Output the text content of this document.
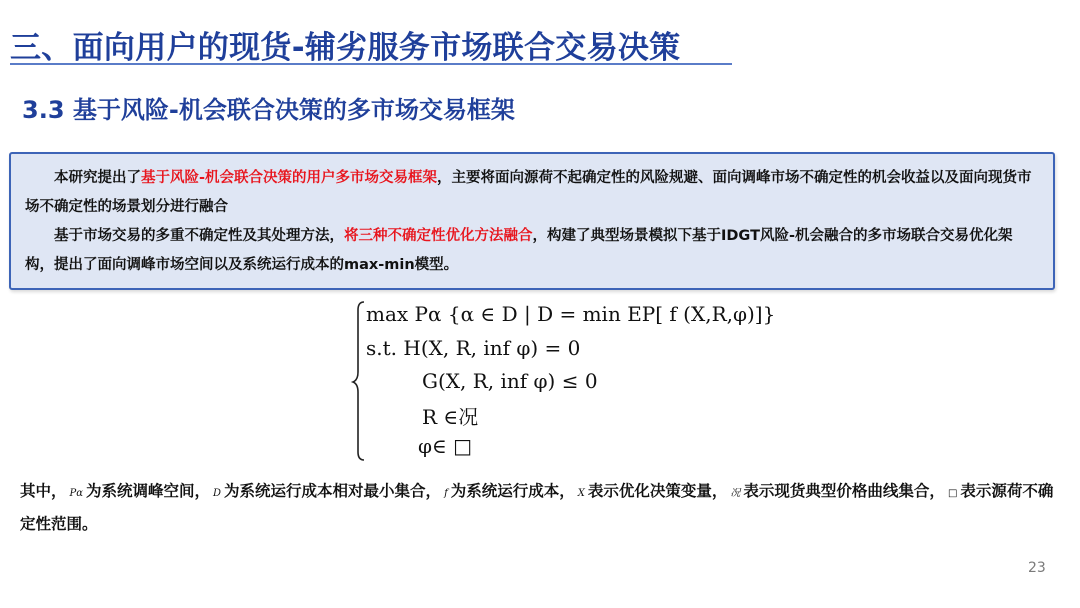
三、面向用户的现货-辅劣服务市场联合交易决策
3.3 基于风险-机会联合决策的多市场交易框架

本研究提出了基于风险-机会联合决策的用户多市场交易框架，主要将面向源荷不起确定性的风险规避、面向调峰市场不确定性的机会收益以及面向现货市场不确定性的场景划分进行融合

基于市场交易的多重不确定性及其处理方法，将三种不确定性优化方法融合，构建了典型场景模拟下基于IDGT风险-机会融合的多市场联合交易优化架构，提出了面向调峰市场空间以及系统运行成本的max-min模型。

max Pα {α ∈ D | D = min EP[ f (X,R,φ)]}
s.t. H(X, R, inf φ) = 0
G(X, R, inf φ) ≤ 0
R ∈况
φ∈ □
其中， Pα 为系统调峰空间， D 为系统运行成本相对最小集合， f 为系统运行成本， X 表示优化决策变量， 况 表示现货典型价格曲线集合， □ 表示源荷不确定性范围。
23
